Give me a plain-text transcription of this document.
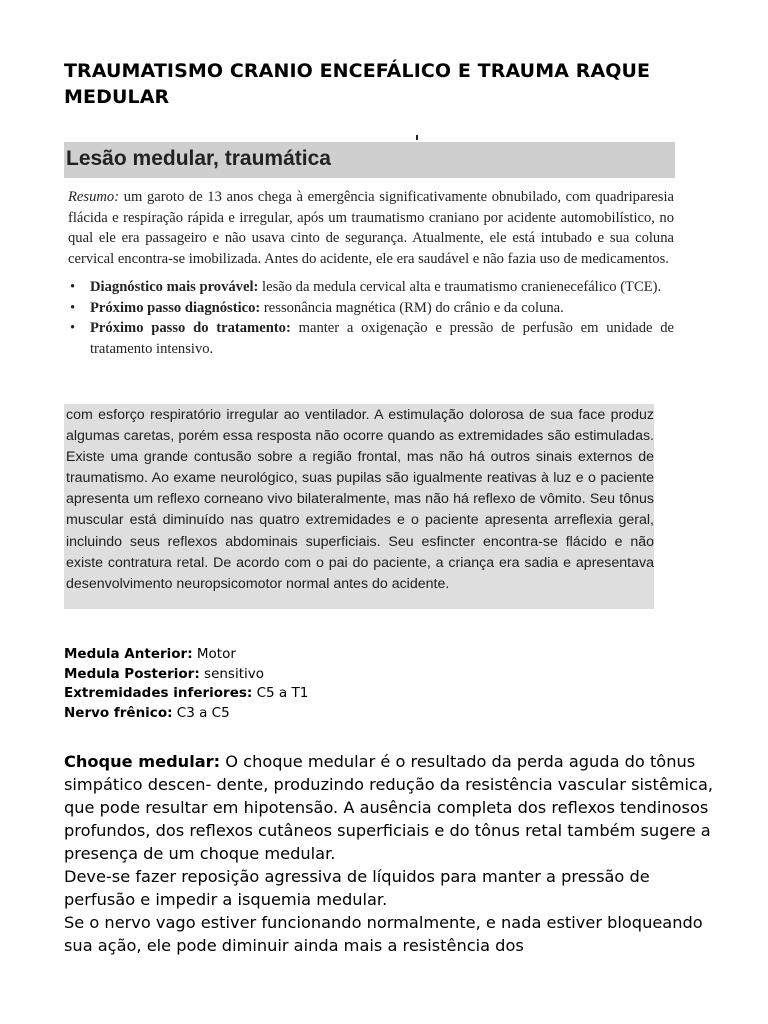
TRAUMATISMO CRANIO ENCEFÁLICO E TRAUMA RAQUE MEDULAR
Lesão medular, traumática

Resumo: um garoto de 13 anos chega à emergência significativamente obnubilado, com quadriparesia flácida e respiração rápida e irregular, após um traumatismo craniano por acidente automobilístico, no qual ele era passageiro e não usava cinto de segurança. Atualmente, ele está intubado e sua coluna cervical encontra-se imobilizada. Antes do acidente, ele era saudável e não fazia uso de medicamentos.

• Diagnóstico mais provável: lesão da medula cervical alta e traumatismo cranienecefálico (TCE).
• Próximo passo diagnóstico: ressonância magnética (RM) do crânio e da coluna.
• Próximo passo do tratamento: manter a oxigenação e pressão de perfusão em unidade de tratamento intensivo.
com esforço respiratório irregular ao ventilador. A estimulação dolorosa de sua face produz algumas caretas, porém essa resposta não ocorre quando as extremidades são estimuladas. Existe uma grande contusão sobre a região frontal, mas não há outros sinais externos de traumatismo. Ao exame neurológico, suas pupilas são igualmente reativas à luz e o paciente apresenta um reflexo corneano vivo bilateralmente, mas não há reflexo de vômito. Seu tônus muscular está diminuído nas quatro extremidades e o paciente apresenta arreflexia geral, incluindo seus reflexos abdominais superficiais. Seu esfincter encontra-se flácido e não existe contratura retal. De acordo com o pai do paciente, a criança era sadia e apresentava desenvolvimento neuropsicomotor normal antes do acidente.
Medula Anterior: Motor
Medula Posterior: sensitivo
Extremidades inferiores: C5 a T1
Nervo frênico: C3 a C5

Choque medular: O choque medular é o resultado da perda aguda do tônus simpático descen- dente, produzindo redução da resistência vascular sistêmica, que pode resultar em hipotensão. A ausência completa dos reflexos tendinosos profundos, dos reflexos cutâneos superficiais e do tônus retal também sugere a presença de um choque medular.

Deve-se fazer reposição agressiva de líquidos para manter a pressão de perfusão e impedir a isquemia medular.

Se o nervo vago estiver funcionando normalmente, e nada estiver bloqueando sua ação, ele pode diminuir ainda mais a resistência dos
